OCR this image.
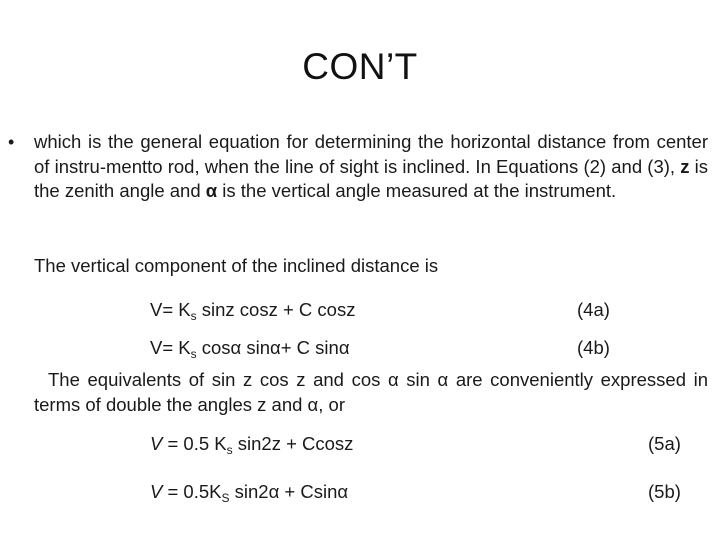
CON’T
• which is the general equation for determining the horizontal distance from center of instru-mentto rod, when the line of sight is inclined. In Equations (2) and (3), z is the zenith angle and α is the vertical angle measured at the instrument.
The vertical component of the inclined distance is
$V= K_s$ sinz cosz + C cosz	(4a)
$V= K_s$ cosα sinα+ C sinα	(4b)
The equivalents of sin z cos z and cos α sin α are conveniently expressed in terms of double the angles z and α, or
V = 0.5 $K_s$ sin2z + Ccosz	(5a)
$V = 0.5K_S$ sin2α + Csinα	(5b)
